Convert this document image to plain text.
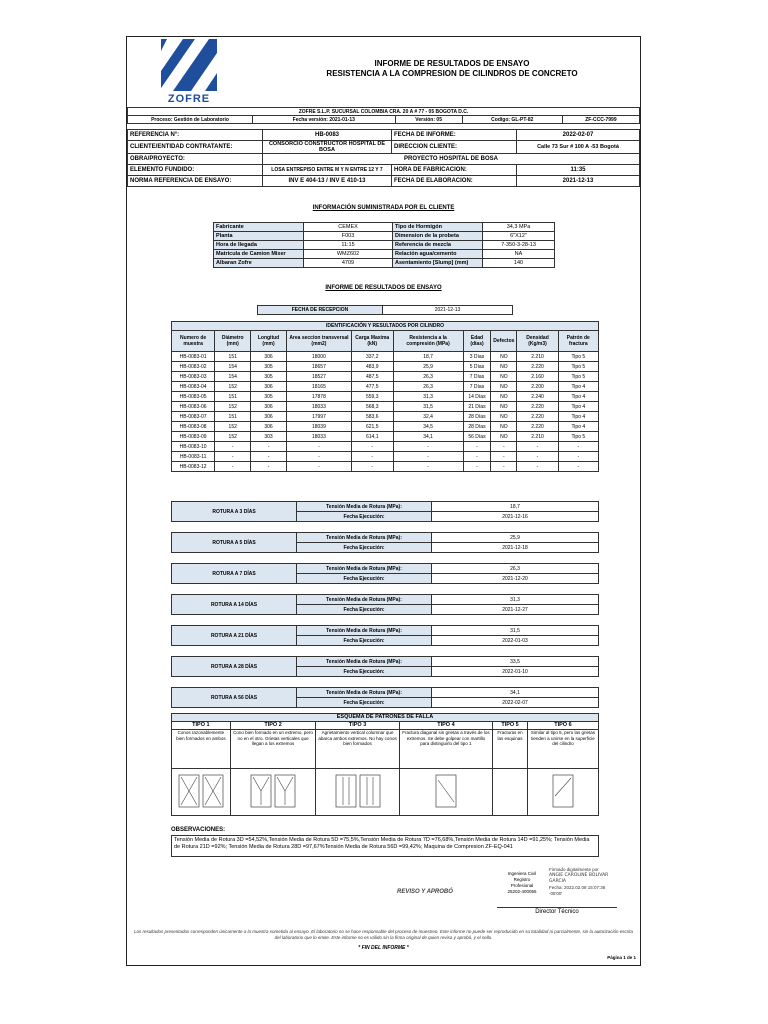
ZOFRE
INFORME DE RESULTADOS DE ENSAYO
RESISTENCIA A LA COMPRESION DE CILINDROS DE CONCRETO
ZOFRE S.L.P. SUCURSAL COLOMBIA CRA. 20 A # 77 - 05 BOGOTA D.C.
Proceso: Gestión de Laboratorio	Fecha versión: 2021-01-13	Versión: 05	Codigo: GL-PT-82	ZF-CCC-7999
REFERENCIA N°:	HB-0083	FECHA DE INFORME:	2022-02-07
CLIENTE/ENTIDAD CONTRATANTE:	CONSORCIO CONSTRUCTOR HOSPITAL DE BOSA	DIRECCION CLIENTE:	Calle 73 Sur # 100 A -53 Bogotá
OBRA/PROYECTO:	PROYECTO HOSPITAL DE BOSA		
ELEMENTO FUNDIDO:	LOSA ENTREPISO ENTRE M Y N ENTRE 12 Y 7	HORA DE FABRICACION:	11:35
NORMA REFERENCIA DE ENSAYO:	INV E 404-13 / INV E 410-13	FECHA DE ELABORACION:	2021-12-13
INFORMACIÓN SUMINISTRADA POR EL CLIENTE
Fabricante	CEMEX	Tipo de Hormigón	34,3 MPa
Planta	F003	Dimension de la probeta	6"X12"
Hora de llegada	11:15	Referencia de mezcla	7-350-3-28-13
Matricula de Camion Mixer	WMZ602	Relación agua/cemento	NA
Albaran Zofre	4709	Asentamiento [Slump] (mm)	140
INFORME DE RESULTADOS DE ENSAYO
FECHA DE RECEPCION	2021-12-13
IDENTIFICACIÓN Y RESULTADOS POR CILINDRO									
Numero de muestra	Diámetro (mm)	Longitud (mm)	Area seccion transversal (mm2)	Carga Maxima (kN)	Resistencia a la compresión (MPa)	Edad (días)	Defectos	Densidad (Kg/m3)	Patrón de fractura
HB-0083-01	151	306	18000	337,2	18,7	3 Días	NO	2.210	Tipo 5
HB-0083-02	154	305	18657	483,9	25,9	5 Días	NO	2.220	Tipo 5
HB-0083-03	154	305	18527	487,5	26,3	7 Días	NO	2.160	Tipo 5
HB-0083-04	152	306	18165	477,5	26,3	7 Días	NO	2.200	Tipo 4
HB-0083-05	151	305	17878	559,3	31,3	14 Días	NO	2.240	Tipo 4
HB-0083-06	152	306	18033	568,3	31,5	21 Días	NO	2.220	Tipo 4
HB-0083-07	151	306	17997	583,6	32,4	28 Días	NO	2.220	Tipo 4
HB-0083-08	152	306	18039	621,5	34,5	28 Días	NO	2.220	Tipo 4
HB-0083-09	152	303	18033	614,1	34,1	56 Días	NO	2.210	Tipo 5
HB-0083-10	-	-	-	-	-	-	-	-	-
HB-0083-11	-	-	-	-	-	-	-	-	-
HB-0083-12	-	-	-	-	-	-	-	-	-
ROTURA A 3 DÍAS	Tensión Media de Rotura (MPa):	18,7
	Fecha Ejecución:	2021-12-16
ROTURA A 5 DÍAS	Tensión Media de Rotura (MPa):	25,9
	Fecha Ejecución:	2021-12-18
ROTURA A 7 DÍAS	Tensión Media de Rotura (MPa):	26,3
	Fecha Ejecución:	2021-12-20
ROTURA A 14 DÍAS	Tensión Media de Rotura (MPa):	31,3
	Fecha Ejecución:	2021-12-27
ROTURA A 21 DÍAS	Tensión Media de Rotura (MPa):	31,5
	Fecha Ejecución:	2022-01-03
ROTURA A 28 DÍAS	Tensión Media de Rotura (MPa):	33,5
	Fecha Ejecución:	2022-01-10
ROTURA A 56 DÍAS	Tensión Media de Rotura (MPa):	34,1
	Fecha Ejecución:	2022-02-07
ESQUEMA DE PATRONES DE FALLA					
TIPO 1	TIPO 2	TIPO 3	TIPO 4	TIPO 5	TIPO 6
Conos razonablemente bien formados en ambos	Cono bien formado en un extremo, pero no en el otro. Grietas verticales que llegan a los extremos	Agrietamiento vertical columnar que abarca ambos extremos. No hay conos bien formados	Fractura diagonal sin grietas a través de los extremos. Se debe golpear con martillo para distinguirlo del tipo 1	Fracturas en las esquinas	Similar al tipo 5, pero las grietas tienden a unirse en la superficie del cilindro

OBSERVACIONES:
Tensión Media de Rotura 3D =54,52%,Tensión Media de Rotura 5D =75,5%,Tensión Media de Rotura 7D =76,68%,Tensión Media de Rotura 14D =91,25%; Tensión Media de Rotura 21D =92%; Tensión Media de Rotura 28D =97,67%Tensión Media de Rotura 56D =99,42%; Maquina de Compresion ZF-EQ-041
REVISO Y APROBÓ
Ingeniera Civil
Registro
Profesional
25202-400055
Firmado digitalmente por
ANGIE CAROLINE BOLIVAR GARCIA
Fecha: 2022.02.08 15:07:36 -05'00'
Director Técnico
Los resultados presentados corresponden únicamente a la muestra sometida al ensayo. El laboratorio no se hace responsable del proceso de muestreo. Este informe no puede ser reproducido en su totalidad ni parcialmente, sin la autorización escrita del laboratorio que lo emite. Este informe no es válido sin la firma original de quien revisa y aprobó, y el sello.
* FIN DEL INFORME *
Página 1 de 1
